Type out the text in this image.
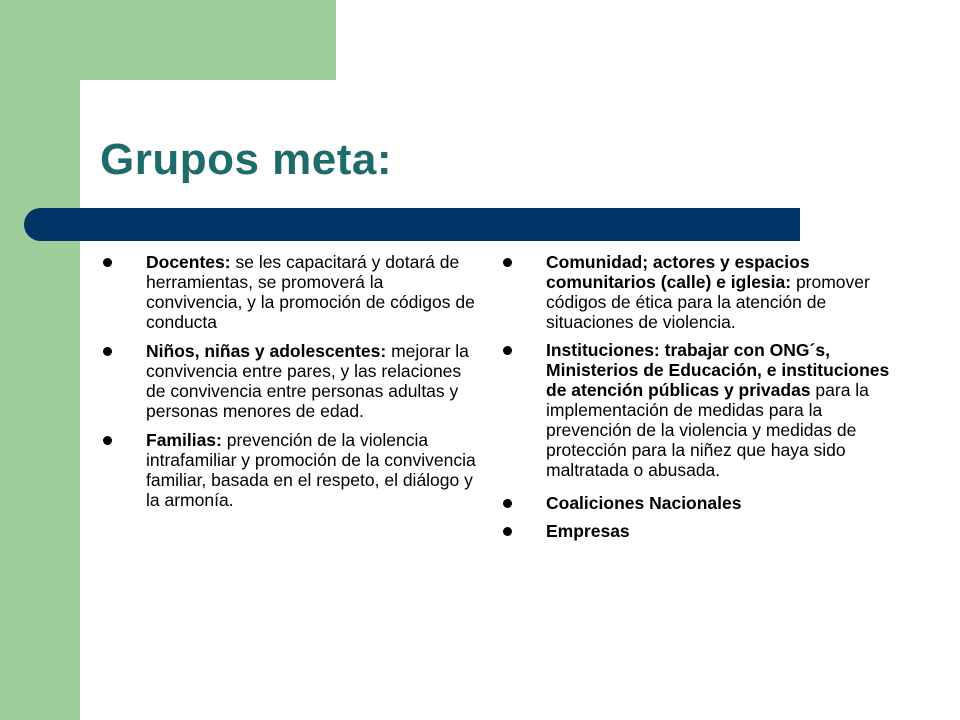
Grupos meta:
Docentes: se les capacitará y dotará de herramientas, se promoverá la convivencia, y la promoción de códigos de conducta
Niños, niñas y adolescentes: mejorar la convivencia entre pares, y las relaciones de convivencia entre personas adultas y personas menores de edad.
Familias: prevención de la violencia intrafamiliar y promoción de la convivencia familiar, basada en el respeto, el diálogo y la armonía.
Comunidad; actores y espacios comunitarios (calle) e iglesia: promover códigos de ética para la atención de situaciones de violencia.
Instituciones: trabajar con ONG´s, Ministerios de Educación, e instituciones de atención públicas y privadas para la implementación de medidas para la prevención de la violencia y medidas de protección para la niñez que haya sido maltratada o abusada.
Coaliciones Nacionales
Empresas
